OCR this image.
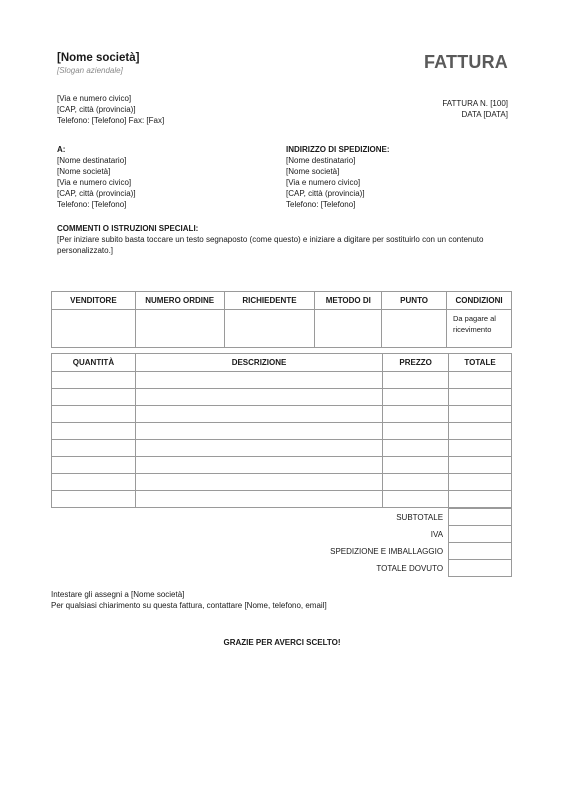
[Nome società]
[Slogan aziendale]	FATTURA
[Via e numero civico]
[CAP, città (provincia)]
Telefono: [Telefono] Fax: [Fax]
FATTURA N. [100]
DATA [DATA]
A:
[Nome destinatario]
[Nome società]
[Via e numero civico]
[CAP, città (provincia)]
Telefono: [Telefono]
INDIRIZZO DI SPEDIZIONE:
[Nome destinatario]
[Nome società]
[Via e numero civico]
[CAP, città (provincia)]
Telefono: [Telefono]
COMMENTI O ISTRUZIONI SPECIALI:
[Per iniziare subito basta toccare un testo segnaposto (come questo) e iniziare a digitare per sostituirlo con un contenuto personalizzato.]
VENDITORE	NUMERO ORDINE	RICHIEDENTE	METODO DI	PUNTO	CONDIZIONI
					Da pagare al ricevimento
QUANTITÀ	DESCRIZIONE	PREZZO	TOTALE

	SUBTOTALE	
	IVA	
	SPEDIZIONE E IMBALLAGGIO	
	TOTALE DOVUTO	
Intestare gli assegni a [Nome società]
Per qualsiasi chiarimento su questa fattura, contattare [Nome, telefono, email]
GRAZIE PER AVERCI SCELTO!
